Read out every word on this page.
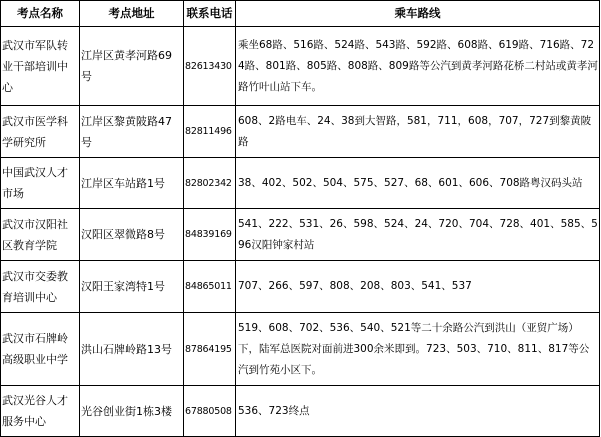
考点名称	考点地址	联系电话	乘车路线
武汉市军队转业干部培训中心	江岸区黄孝河路69号	82613430	乘坐68路、516路、524路、543路、592路、608路、619路、716路、724路、801路、805路、808路、809路等公汽到黄孝河路花桥二村站或黄孝河路竹叶山站下车。
武汉市医学科学研究所	江岸区黎黄陂路47号	82811496	608、2路电车、24、38到大智路，581，711，608，707，727到黎黄陂路
中国武汉人才市场	江岸区车站路1号	82802342	38、402、502、504、575、527、68、601、606、708路粤汉码头站
武汉市汉阳社区教育学院	汉阳区翠微路8号	84839169	541、222、531、26、598、524、24、720、704、728、401、585、596汉阳钟家村站
武汉市交委教育培训中心	汉阳王家湾特1号	84865011	707、266、597、808、208、803、541、537
武汉市石牌岭高级职业中学	洪山石牌岭路13号	87864195	519、608、702、536、540、521等二十余路公汽到洪山（亚贸广场）下，陆军总医院对面前进300余米即到。723、503、710、811、817等公汽到竹苑小区下。
武汉光谷人才服务中心	光谷创业街1栋3楼	67880508	536、723终点
